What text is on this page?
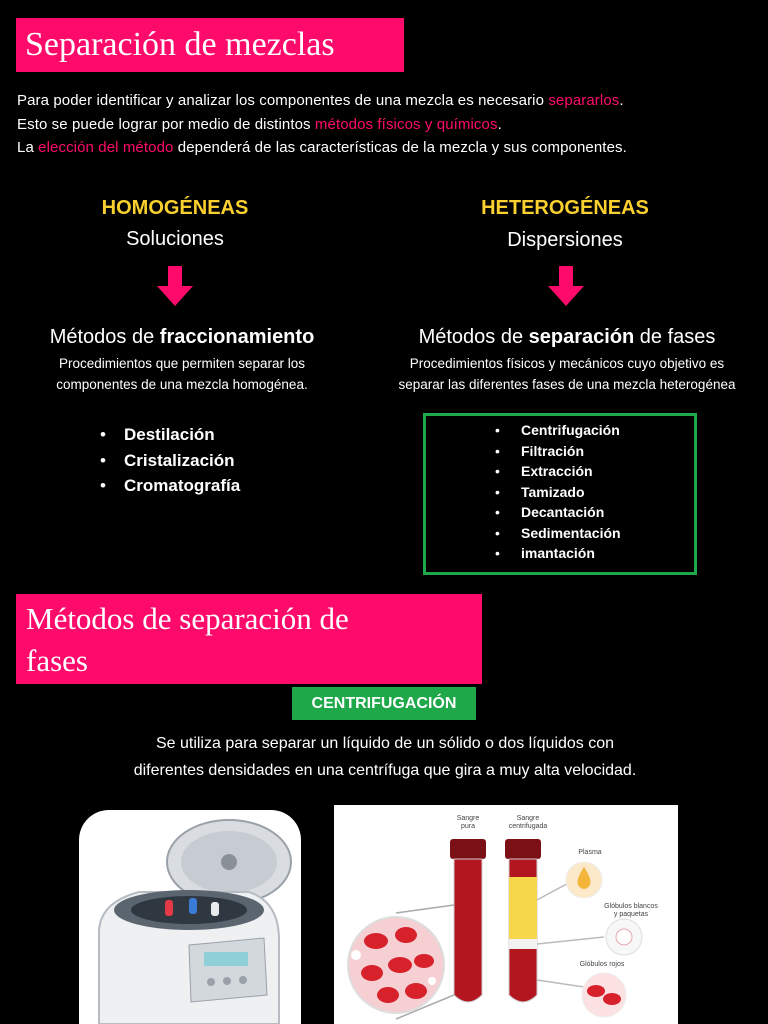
Separación de mezclas
Para poder identificar y analizar los componentes de una mezcla es necesario separarlos.
Esto se puede lograr por medio de distintos métodos físicos y químicos.
La elección del método dependerá de las características de la mezcla y sus componentes.
HOMOGÉNEAS
Soluciones
Métodos de fraccionamiento
Procedimientos que permiten separar los
componentes de una mezcla homogénea.
• Destilación
• Cristalización
• Cromatografía
HETEROGÉNEAS
Dispersiones
Métodos de separación de fases
Procedimientos físicos y mecánicos cuyo objetivo es
separar las diferentes fases de una mezcla heterogénea
• Centrifugación
• Filtración
• Extracción
• Tamizado
• Decantación
• Sedimentación
• imantación
Métodos de separación de
fases
CENTRIFUGACIÓN
Se utiliza para separar un líquido de un sólido o dos líquidos con
diferentes densidades en una centrífuga que gira a muy alta velocidad.
Sangre
pura
Sangre
centrifugada
Plasma
Glóbulos blancos
y paquetas
Glóbulos rojos
